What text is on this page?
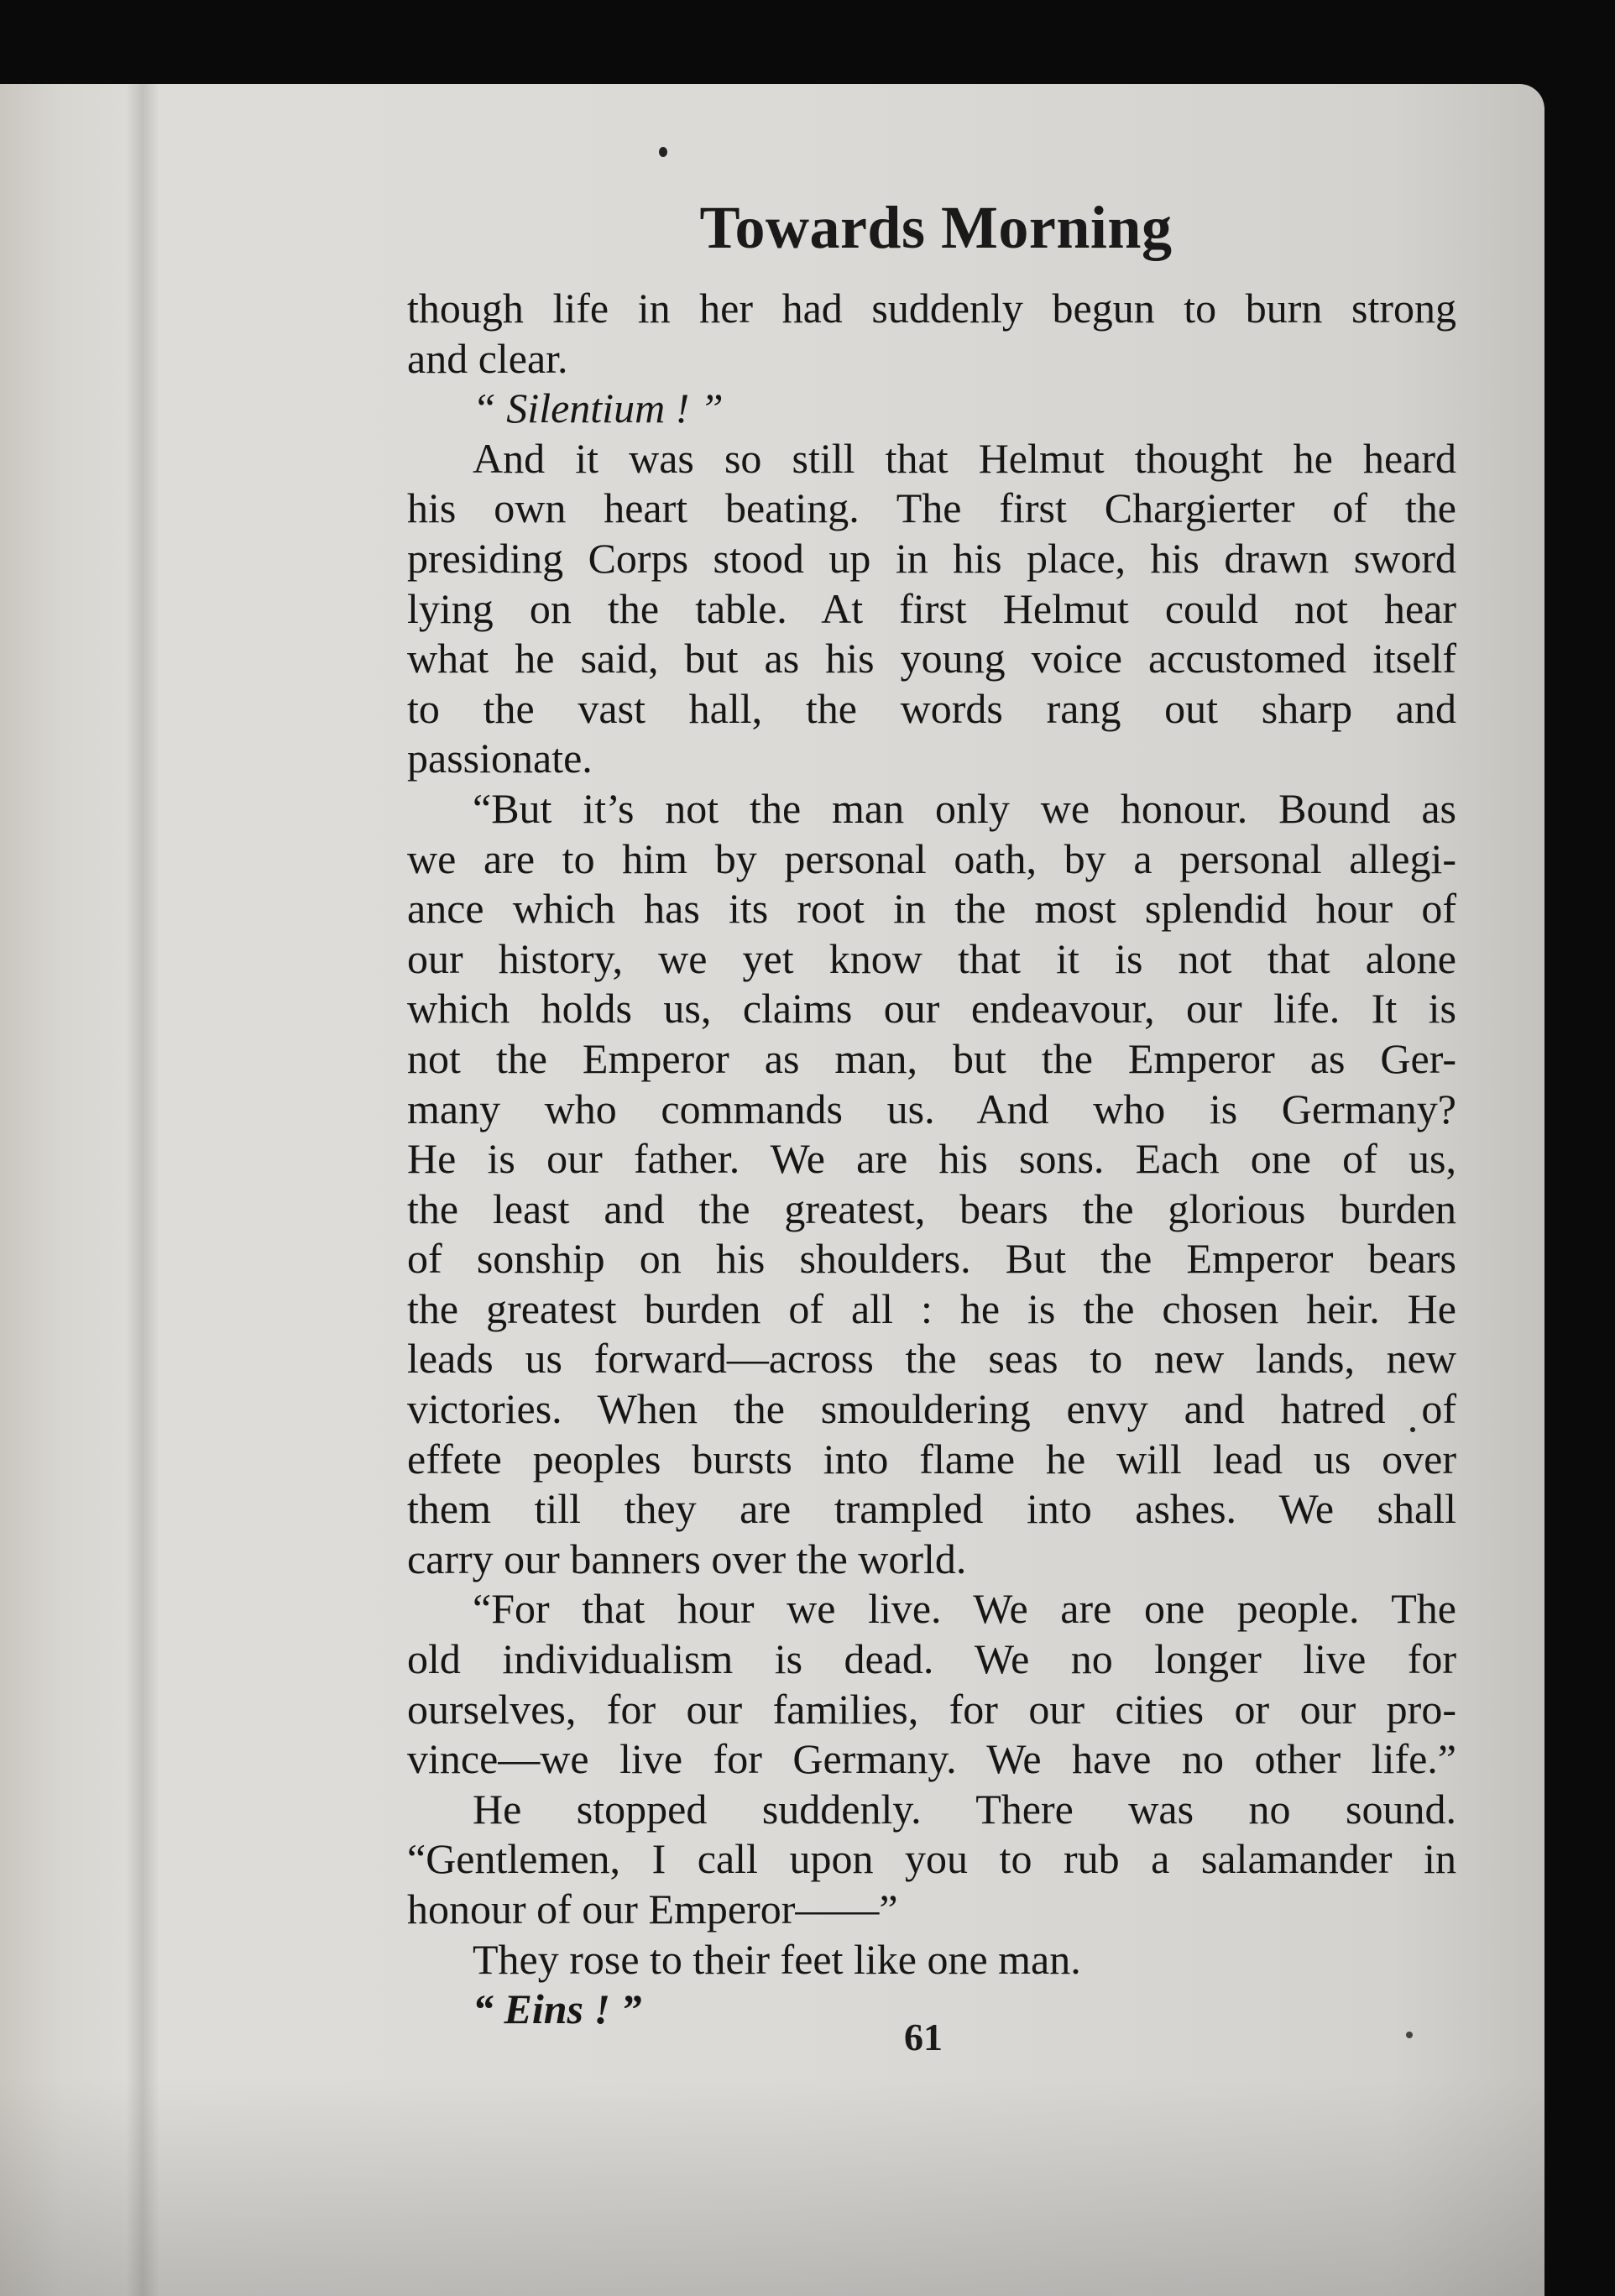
Towards Morning
though life in her had suddenly begun to burn strong
and clear.
“ Silentium ! ”
And it was so still that Helmut thought he heard
his own heart beating. The first Chargierter of the
presiding Corps stood up in his place, his drawn sword
lying on the table. At first Helmut could not hear
what he said, but as his young voice accustomed itself
to the vast hall, the words rang out sharp and
passionate.
“But it’s not the man only we honour. Bound as
we are to him by personal oath, by a personal allegi-
ance which has its root in the most splendid hour of
our history, we yet know that it is not that alone
which holds us, claims our endeavour, our life. It is
not the Emperor as man, but the Emperor as Ger-
many who commands us. And who is Germany?
He is our father. We are his sons. Each one of us,
the least and the greatest, bears the glorious burden
of sonship on his shoulders. But the Emperor bears
the greatest burden of all : he is the chosen heir. He
leads us forward—across the seas to new lands, new
victories. When the smouldering envy and hatred of
effete peoples bursts into flame he will lead us over
them till they are trampled into ashes. We shall
carry our banners over the world.
“For that hour we live. We are one people. The
old individualism is dead. We no longer live for
ourselves, for our families, for our cities or our pro-
vince—we live for Germany. We have no other life.”
He stopped suddenly. There was no sound.
“Gentlemen, I call upon you to rub a salamander in
honour of our Emperor——”
They rose to their feet like one man.
“ Eins ! ”
61
